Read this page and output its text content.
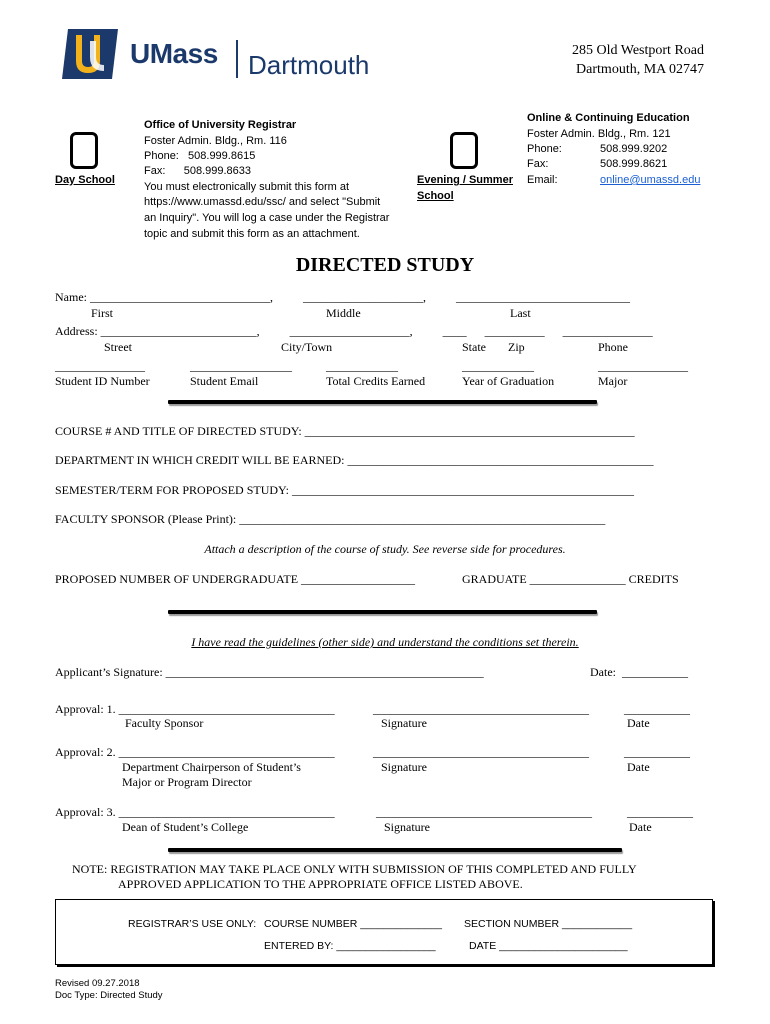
UMass Dartmouth	285 Old Westport Road
Dartmouth, MA 02747
Day School
Office of University Registrar
Foster Admin. Bldg., Rm. 116
Phone:   508.999.8615
Fax:      508.999.8633
You must electronically submit this form at
https://www.umassd.edu/ssc/ and select "Submit
an Inquiry". You will log a case under the Registrar
topic and submit this form as an attachment.
Evening / Summer
School
Online & Continuing Education
Foster Admin. Bldg., Rm. 121
Phone:	508.999.9202
Fax:	508.999.8621
Email:	online@umassd.edu
DIRECTED STUDY
Name: ______________________________,          ____________________,          _____________________________
First	Middle	Last
Address: __________________________,          ____________________,          ____      __________      _______________
Street	City/Town	State Zip	Phone
_______________	_________________	____________	____________	_______________
Student ID Number	Student Email	Total Credits Earned	Year of Graduation	Major
COURSE # AND TITLE OF DIRECTED STUDY: _______________________________________________________
DEPARTMENT IN WHICH CREDIT WILL BE EARNED: ___________________________________________________
SEMESTER/TERM FOR PROPOSED STUDY: _________________________________________________________
FACULTY SPONSOR (Please Print): _____________________________________________________________
Attach a description of the course of study. See reverse side for procedures.
PROPOSED NUMBER OF UNDERGRADUATE ___________________	GRADUATE ________________ CREDITS
I have read the guidelines (other side) and understand the conditions set therein.
Applicant’s Signature: _____________________________________________________	Date:  ___________
Approval: 1. ____________________________________	____________________________________	___________
Faculty Sponsor	Signature	Date
Approval: 2. ____________________________________	____________________________________	___________
Department Chairperson of Student’s
Major or Program Director
Signature	Date
Approval: 3. ____________________________________	____________________________________	___________
Dean of Student’s College	Signature	Date
NOTE: REGISTRATION MAY TAKE PLACE ONLY WITH SUBMISSION OF THIS COMPLETED AND FULLY
APPROVED APPLICATION TO THE APPROPRIATE OFFICE LISTED ABOVE.
REGISTRAR’S USE ONLY: COURSE NUMBER ______________ SECTION NUMBER ____________
ENTERED BY: _________________	DATE ______________________
Revised 09.27.2018
Doc Type: Directed Study
